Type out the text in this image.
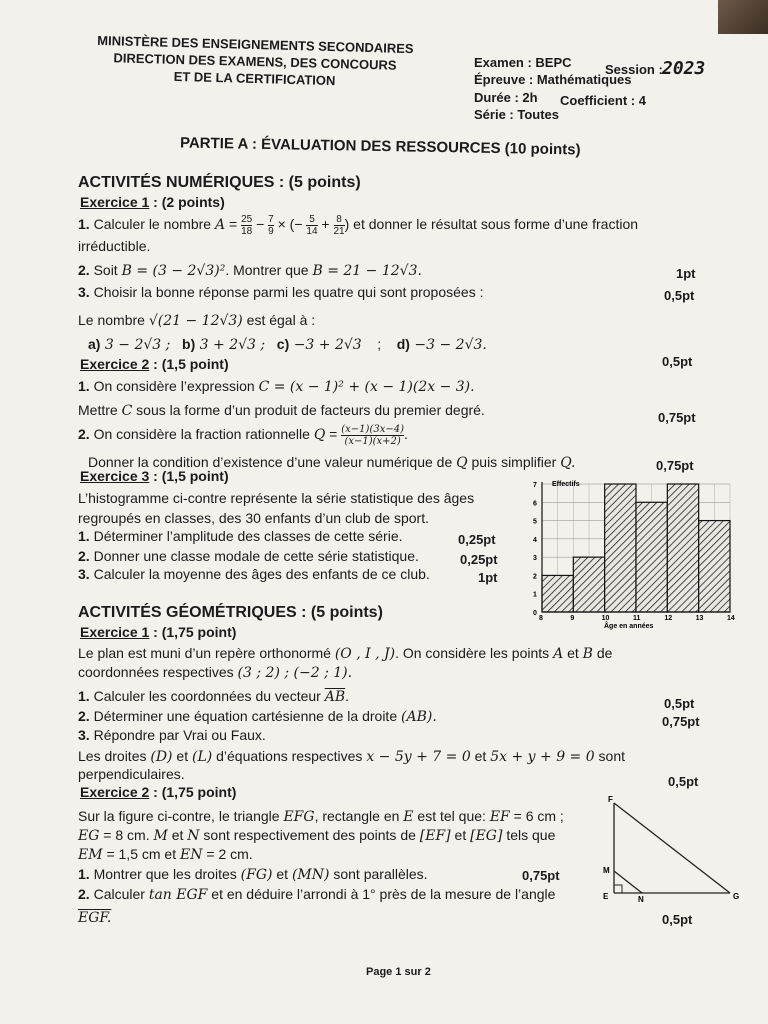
MINISTÈRE DES ENSEIGNEMENTS SECONDAIRES
DIRECTION DES EXAMENS, DES CONCOURS
ET DE LA CERTIFICATION
Examen : BEPC	Session : 2023
Épreuve : Mathématiques
Durée : 2h Coefficient : 4
Série : Toutes
PARTIE A : ÉVALUATION DES RESSOURCES (10 points)
ACTIVITÉS NUMÉRIQUES : (5 points)
Exercice 1 : (2 points)
1. Calculer le nombre $A = \frac{25}{18} - \frac{7}{9}$ × (− $\frac{5}{14} + \frac{8}{21}$ ) et donner le résultat sous forme d’une fraction
irréductible.
2. Soit B = (3 − 2√3)². Montrer que B = 21 − 12√3.	1pt
3. Choisir la bonne réponse parmi les quatre qui sont proposées :	0,5pt
Le nombre √(21 − 12√3) est égal à :
a) 3 − 2√3 ; b) 3 + 2√3 ; c) −3 + 2√3    ; d) −3 − 2√3.
Exercice 2 : (1,5 point)	0,5pt
1. On considère l’expression C = (x − 1)² + (x − 1)(2x − 3).
Mettre C sous la forme d’un produit de facteurs du premier degré.	0,75pt
2. On considère la fraction rationnelle $Q = \frac{(x-1)(3x-4)}{(x-1)(x+2)}$ .
Donner la condition d’existence d’une valeur numérique de Q puis simplifier Q.	0,75pt
Exercice 3 : (1,5 point)
L’histogramme ci-contre représente la série statistique des âges
regroupés en classes, des 30 enfants d’un club de sport.
1. Déterminer l’amplitude des classes de cette série.	0,25pt
2. Donner une classe modale de cette série statistique.	0,25pt
3. Calculer la moyenne des âges des enfants de ce club.	1pt
8	9	10	11	12	13	14
0
1
2
3
4
5
6
7 Effectifs
Âge en années
ACTIVITÉS GÉOMÉTRIQUES : (5 points)
Exercice 1 : (1,75 point)
Le plan est muni d’un repère orthonormé (O , I , J). On considère les points A et B de
coordonnées respectives (3 ; 2) ; (−2 ; 1).
1. Calculer les coordonnées du vecteur $\overline{AB}$.	0,5pt
2. Déterminer une équation cartésienne de la droite (AB).	0,75pt
3. Répondre par Vrai ou Faux.
Les droites (D) et (L) d’équations respectives x − 5y + 7 = 0 et 5x + y + 9 = 0 sont
perpendiculaires.	0,5pt
Exercice 2 : (1,75 point)
Sur la figure ci-contre, le triangle EFG, rectangle en E est tel que: EF = 6 cm ;
EG = 8 cm. M et N sont respectivement des points de [EF] et [EG] tels que
EM = 1,5 cm et EN = 2 cm.
1. Montrer que les droites (FG) et (MN) sont parallèles.	0,75pt
2. Calculer tan EGF et en déduire l’arrondi à 1° près de la mesure de l’angle
EGF.	0,5pt
F
M
E	N	G
Page 1 sur 2
